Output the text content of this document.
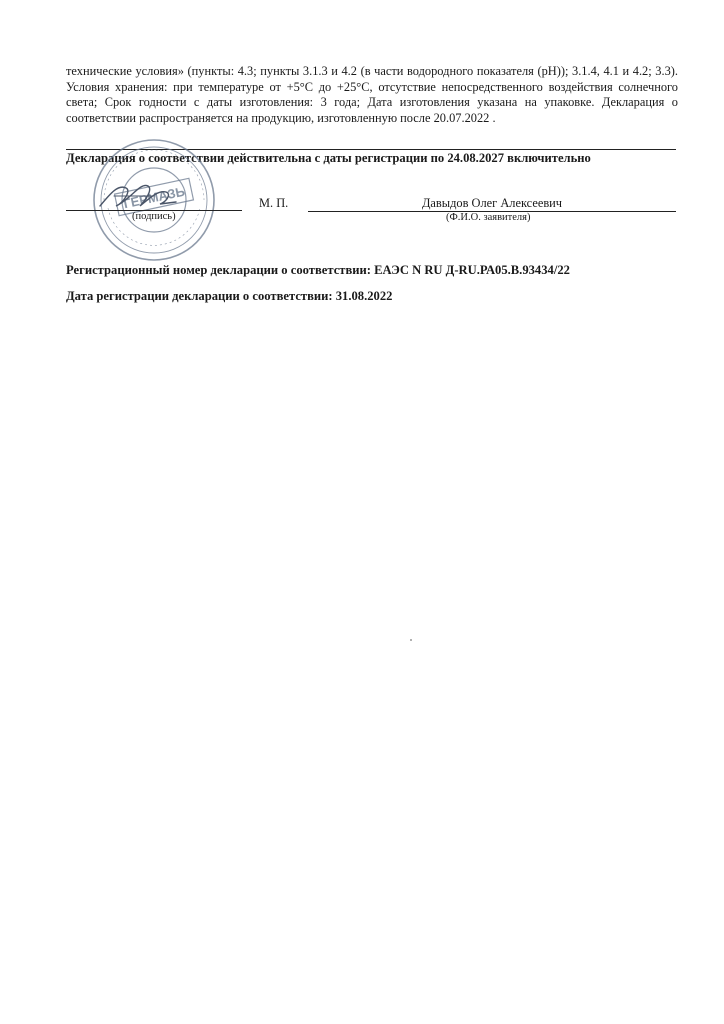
технические условия» (пункты: 4.3; пункты 3.1.3 и 4.2 (в части водородного показателя (pH)); 3.1.4, 4.1 и 4.2; 3.3). Условия хранения: при температуре от +5°С до +25°С, отсутствие непосредственного воздействия солнечного света; Срок годности с даты изготовления: 3 года; Дата изготовления указана на упаковке. Декларация о соответствии распространяется на продукцию, изготовленную после 20.07.2022 .
Декларация о соответствии действительна с даты регистрации по 24.08.2027 включительно
ГЕРМАЗЬ
(подпись)
М. П.	Давыдов Олег Алексеевич
(Ф.И.О. заявителя)
Регистрационный номер декларации о соответствии: ЕАЭС N RU Д-RU.РА05.В.93434/22
Дата регистрации декларации о соответствии: 31.08.2022
